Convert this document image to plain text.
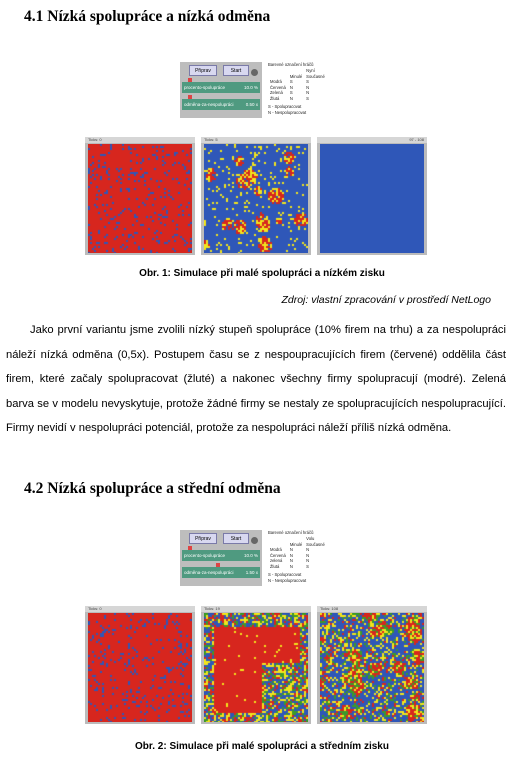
4.1 Nízká spolupráce a nízká odměna
Připrav	Start
procento-spolupráce	10.0 %
odměna-za-nespolupráci	0.50 x
Barevné označení hráčů
		Nyní
	Minulé	Současné
Modrá	S	S
Červená	N	N
Zelená	S	N
Žlutá	N	S
S - Spolupracovat
N - Nespolupracovat
Ticks: 0	Ticks: 5	97 - 108
Obr. 1: Simulace při malé spolupráci a nízkém zisku
Zdroj: vlastní zpracování v prostředí NetLogo
Jako první variantu jsme zvolili nízký stupeň spolupráce (10% firem na trhu) a za nespolupráci náleží nízká odměna (0,5x). Postupem času se z nespoupracujících firem (červené) oddělila část firem, které začaly spolupracovat (žluté) a nakonec všechny firmy spolupracují (modré). Zelená barva se v modelu nevyskytuje, protože žádné firmy se nestaly ze spolupracujících nespolupracující. Firmy nevidí v nespolupráci potenciál, protože za nespolupráci náleží příliš nízká odměna.
4.2 Nízká spolupráce a střední odměna
Připrav	Start
procento-spolupráce	10.0 %
odměna-za-nespolupráci	1.50 x
Barevné označení hráčů
		Volu
	Minulé	Současné
Modrá	N	N
Červená	N	N
zelená	N	N
Žlutá	N	S
S - Spolupracovat
N - Nespolupracovat
Ticks: 0	Ticks: 19	Ticks: 108
Obr. 2: Simulace při malé spolupráci a středním zisku
